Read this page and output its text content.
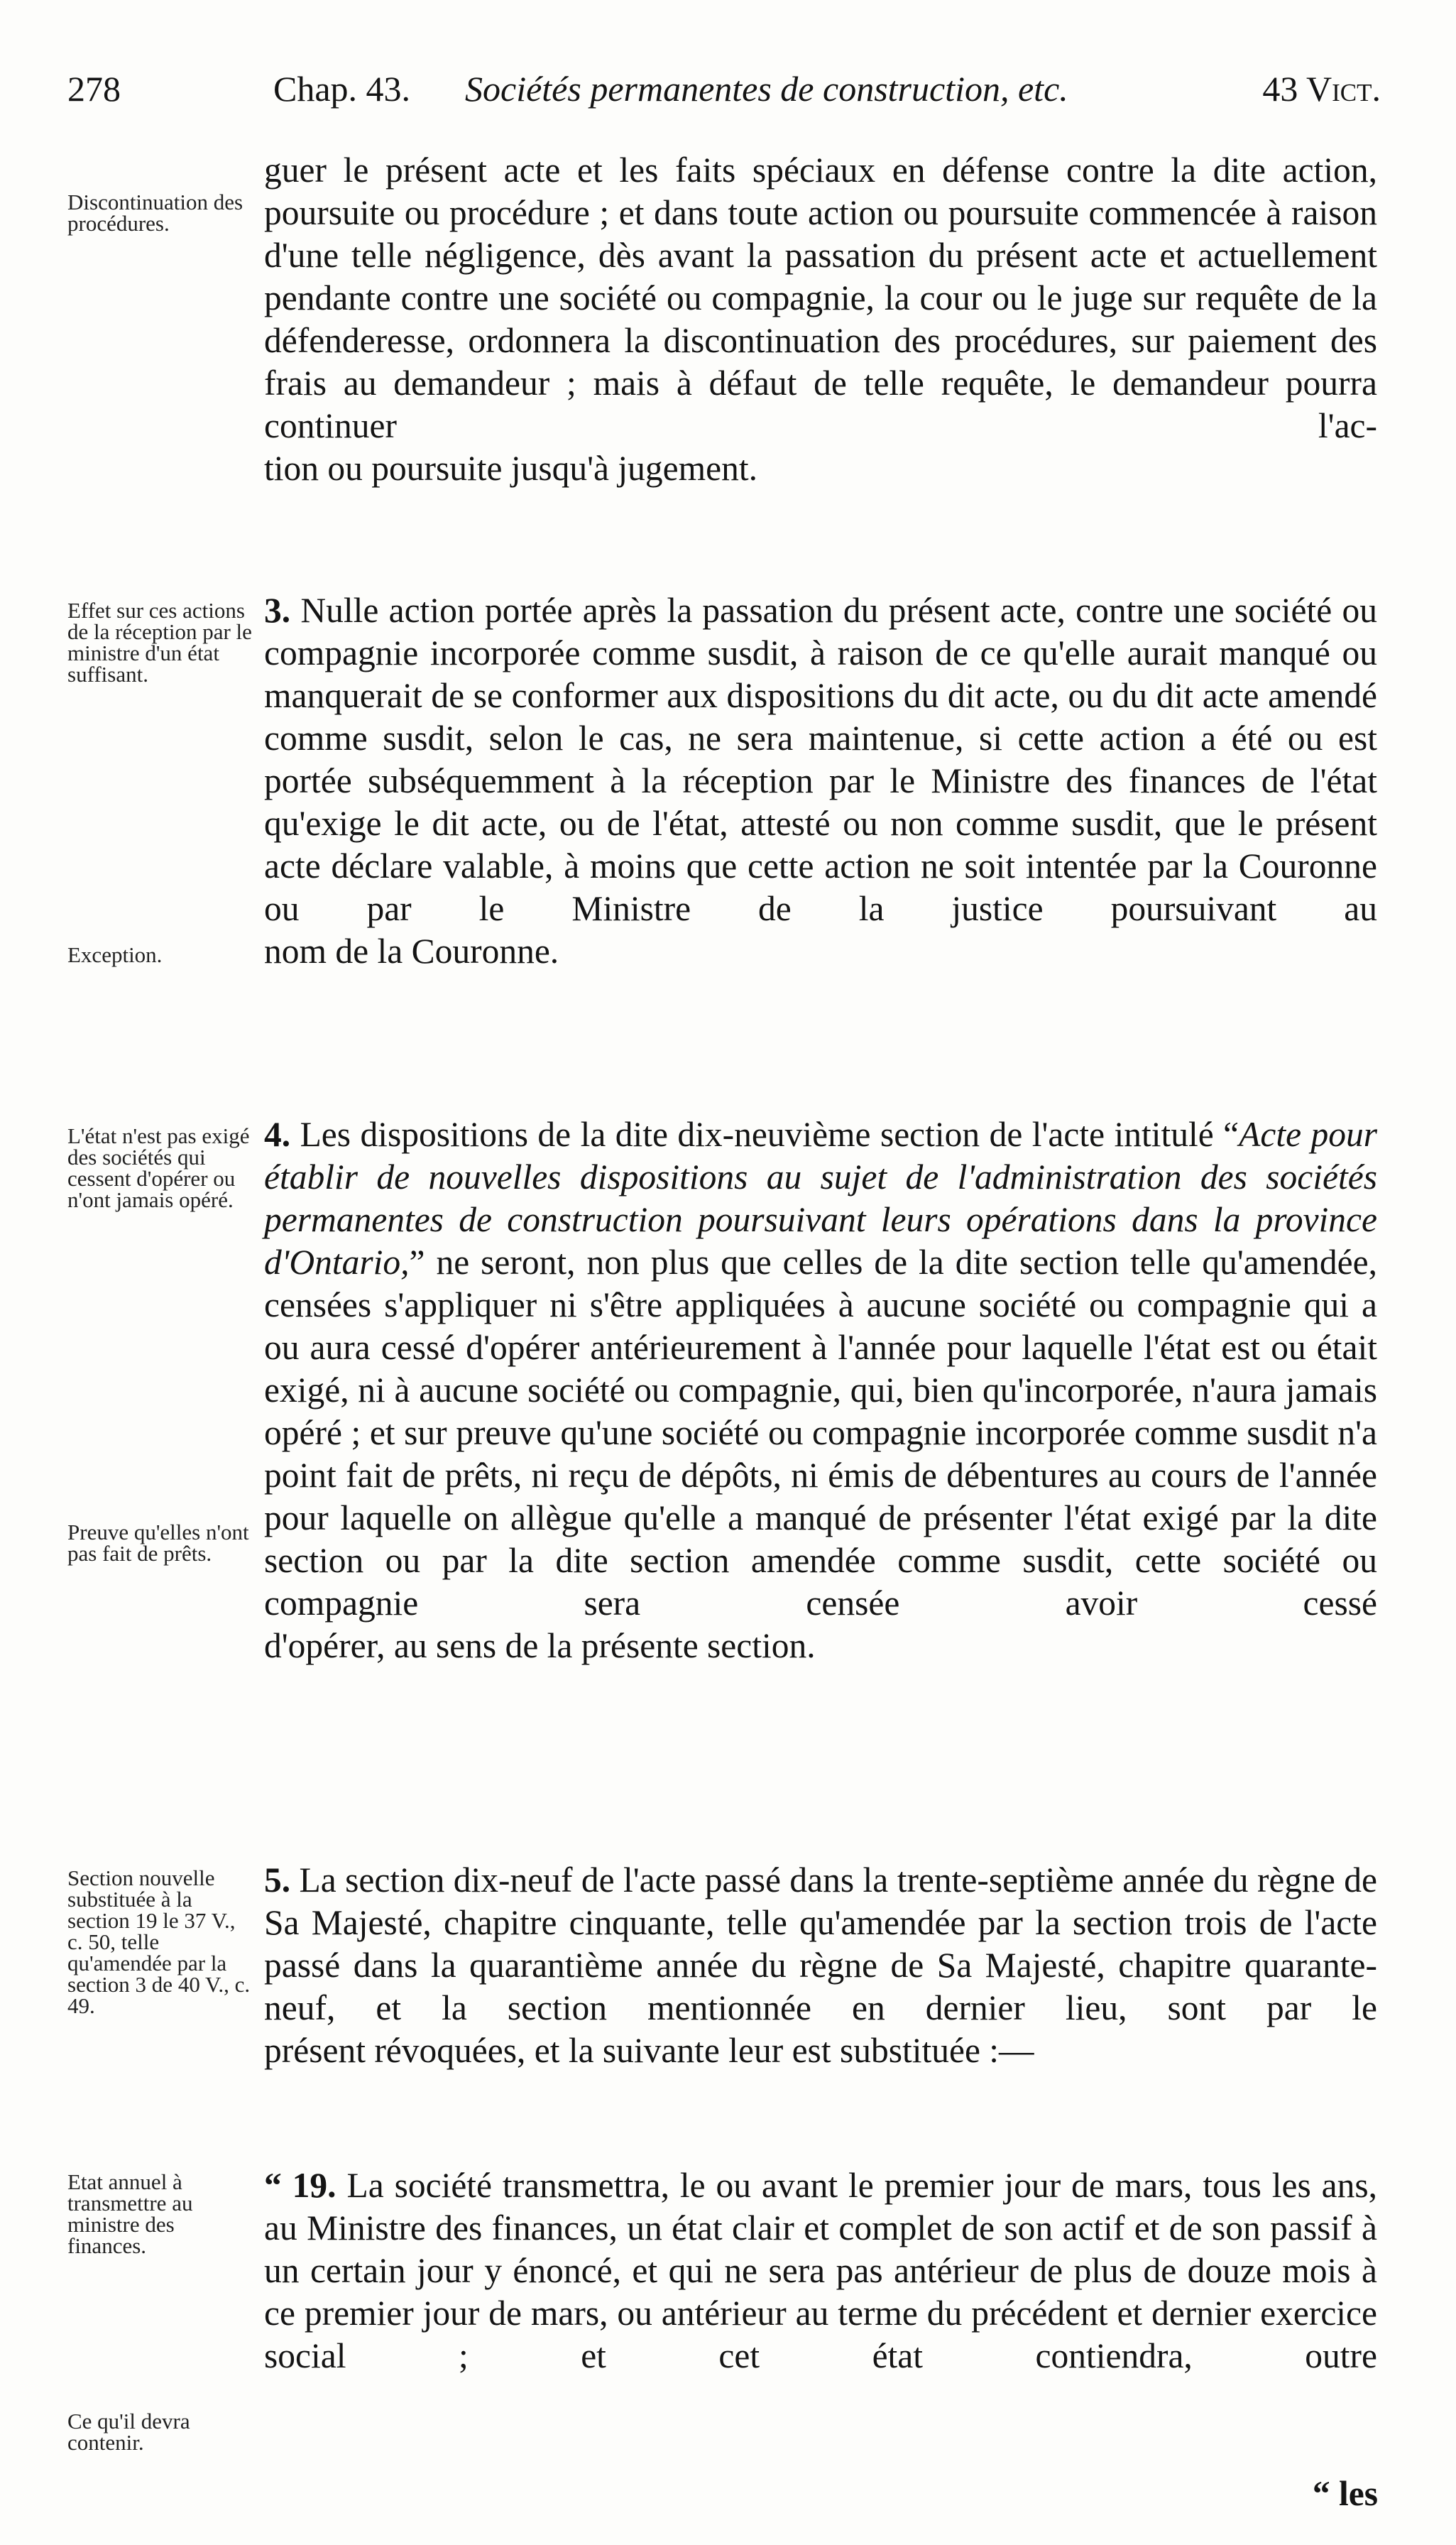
278	Chap. 43. Sociétés permanentes de construction, etc.	43 Vict.

guer le présent acte et les faits spéciaux en défense contre la dite action, poursuite ou procédure ; et dans toute action ou poursuite commencée à raison d'une telle négligence, dès avant la passation du présent acte et actuellement pendante contre une société ou compagnie, la cour ou le juge sur requête de la défenderesse, ordonnera la discontinuation des procédures, sur paiement des frais au demandeur ; mais à défaut de telle requête, le demandeur pourra continuer l'ac-
tion ou poursuite jusqu'à jugement.

Discontinuation des procédures.

3. Nulle action portée après la passation du présent acte, contre une société ou compagnie incorporée comme susdit, à raison de ce qu'elle aurait manqué ou manquerait de se conformer aux dispositions du dit acte, ou du dit acte amendé comme susdit, selon le cas, ne sera maintenue, si cette action a été ou est portée subséquemment à la réception par le Ministre des finances de l'état qu'exige le dit acte, ou de l'état, attesté ou non comme susdit, que le présent acte déclare valable, à moins que cette action ne soit intentée par la Couronne ou par le Ministre de la justice poursuivant au
nom de la Couronne.

Effet sur ces actions de la réception par le ministre d'un état suffisant.

Exception.

4. Les dispositions de la dite dix-neuvième section de l'acte intitulé “Acte pour établir de nouvelles dispositions au sujet de l'administration des sociétés permanentes de construction poursuivant leurs opérations dans la province d'Ontario,” ne seront, non plus que celles de la dite section telle qu'amendée, censées s'appliquer ni s'être appliquées à aucune société ou compagnie qui a ou aura cessé d'opérer antérieurement à l'année pour laquelle l'état est ou était exigé, ni à aucune société ou compagnie, qui, bien qu'incorporée, n'aura jamais opéré ; et sur preuve qu'une société ou compagnie incorporée comme susdit n'a point fait de prêts, ni reçu de dépôts, ni émis de débentures au cours de l'année pour laquelle on allègue qu'elle a manqué de présenter l'état exigé par la dite section ou par la dite section amendée comme susdit, cette société ou compagnie sera censée avoir cessé
d'opérer, au sens de la présente section.

L'état n'est pas exigé des sociétés qui cessent d'opérer ou n'ont jamais opéré.

Preuve qu'elles n'ont pas fait de prêts.

5. La section dix-neuf de l'acte passé dans la trente-septième année du règne de Sa Majesté, chapitre cinquante, telle qu'amendée par la section trois de l'acte passé dans la quarantième année du règne de Sa Majesté, chapitre quarante-neuf, et la section mentionnée en dernier lieu, sont par le
présent révoquées, et la suivante leur est substituée :—

Section nouvelle substituée à la section 19 le 37 V., c. 50, telle qu'amendée par la section 3 de 40 V., c. 49.

“ 19. La société transmettra, le ou avant le premier jour de mars, tous les ans, au Ministre des finances, un état clair et complet de son actif et de son passif à un certain jour y énoncé, et qui ne sera pas antérieur de plus de douze mois à ce premier jour de mars, ou antérieur au terme du précédent et dernier exercice social ; et cet état contiendra, outre

Etat annuel à transmettre au ministre des finances.

Ce qu'il devra contenir.

“ les
